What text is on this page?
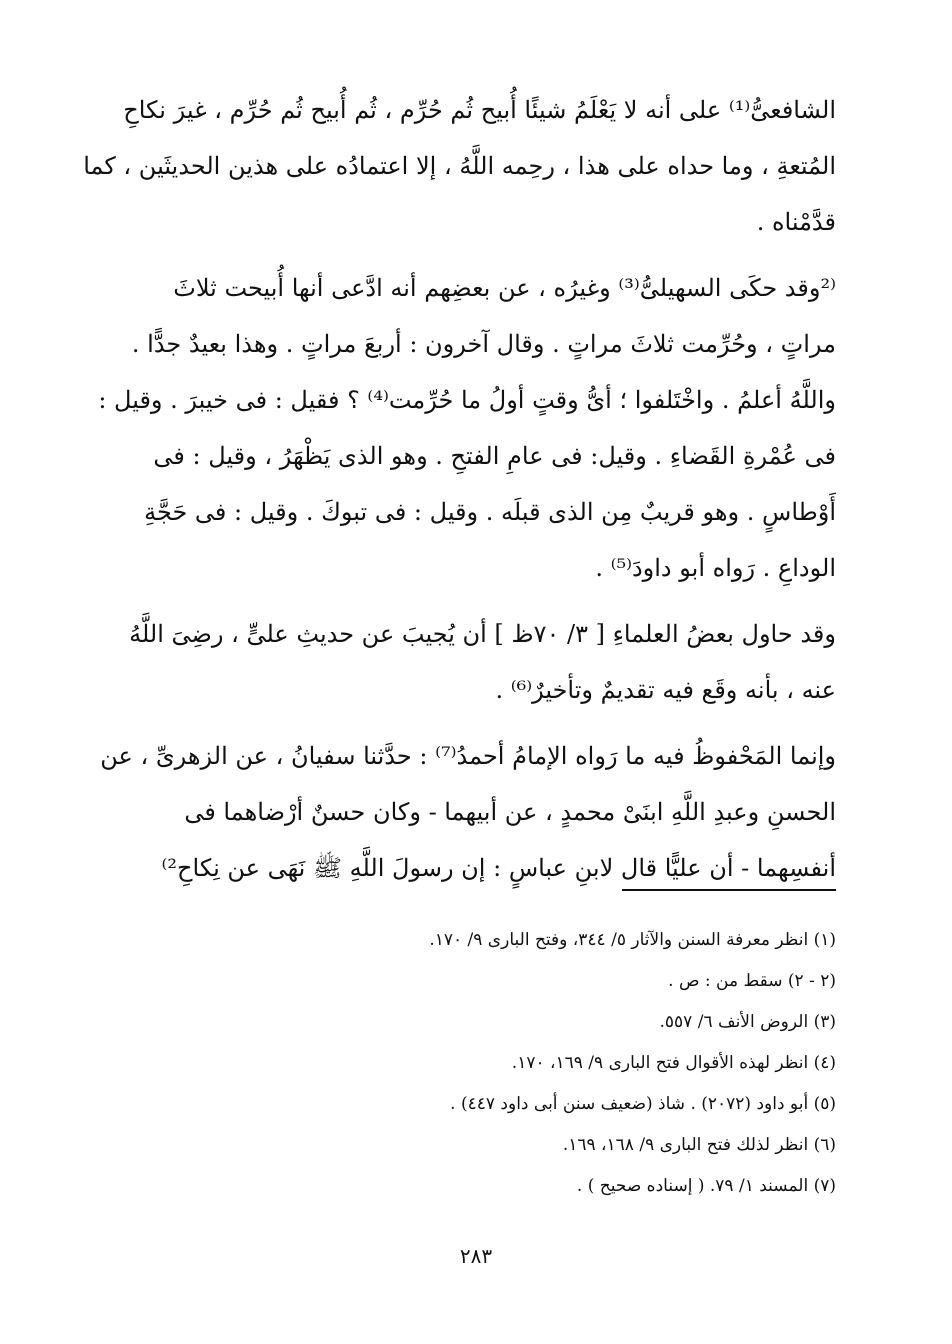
الشافعىُّ⁽¹⁾ على أنه لا يَعْلَمُ شيئًا أُبيح ثُم حُرِّم ، ثُم أُبيح ثُم حُرِّم ، غيرَ نكاحِ
المُتعةِ ، وما حداه على هذا ، رحِمه اللَّهُ ، إلا اعتمادُه على هذين الحديثَين ، كما
قدَّمْناه .

⁽²وقد حكَى السهيلىُّ⁽³⁾ وغيرُه ، عن بعضِهم أنه ادَّعى أنها أُبيحت ثلاثَ
مراتٍ ، وحُرِّمت ثلاثَ مراتٍ . وقال آخرون : أربعَ مراتٍ . وهذا بعيدٌ جدًّا .
واللَّهُ أعلمُ . واخْتَلفوا ؛ أىُّ وقتٍ أولُ ما حُرِّمت⁽⁴⁾ ؟ فقيل : فى خيبرَ . وقيل :
فى عُمْرةِ القَضاءِ . وقيل: فى عامِ الفتحِ . وهو الذى يَظْهَرُ ، وقيل : فى
أَوْطاسٍ . وهو قريبٌ مِن الذى قبلَه . وقيل : فى تبوكَ . وقيل : فى حَجَّةِ
الوداعِ . رَواه أبو داودَ⁽⁵⁾ .

وقد حاول بعضُ العلماءِ [ ٣/ ٧٠ظ ] أن يُجيبَ عن حديثِ علىٍّ ، رضِىَ اللَّهُ
عنه ، بأنه وقَع فيه تقديمٌ وتأخيرٌ⁽⁶⁾ .

وإنما المَحْفوظُ فيه ما رَواه الإمامُ أحمدُ⁽⁷⁾ : حدَّثنا سفيانُ ، عن الزهرىِّ ، عن
الحسنِ وعبدِ اللَّهِ ابنَىْ محمدٍ ، عن أبيهما - وكان حسنٌ أرْضاهما فى
أنفسِهما - أن عليًّا قال لابنِ عباسٍ : إن رسولَ اللَّهِ ﷺ نَهَى عن نِكاحِ²⁾

(١) انظر معرفة السنن والآثار ٥/ ٣٤٤، وفتح البارى ٩/ ١٧٠.
(٢ - ٢) سقط من : ص .
(٣) الروض الأنف ٦/ ٥٥٧.
(٤) انظر لهذه الأقوال فتح البارى ٩/ ١٦٩، ١٧٠.
(٥) أبو داود (٢٠٧٢) . شاذ (ضعيف سنن أبى داود ٤٤٧) .
(٦) انظر لذلك فتح البارى ٩/ ١٦٨، ١٦٩.
(٧) المسند ١/ ٧٩. ( إسناده صحيح ) .
٢٨٣
